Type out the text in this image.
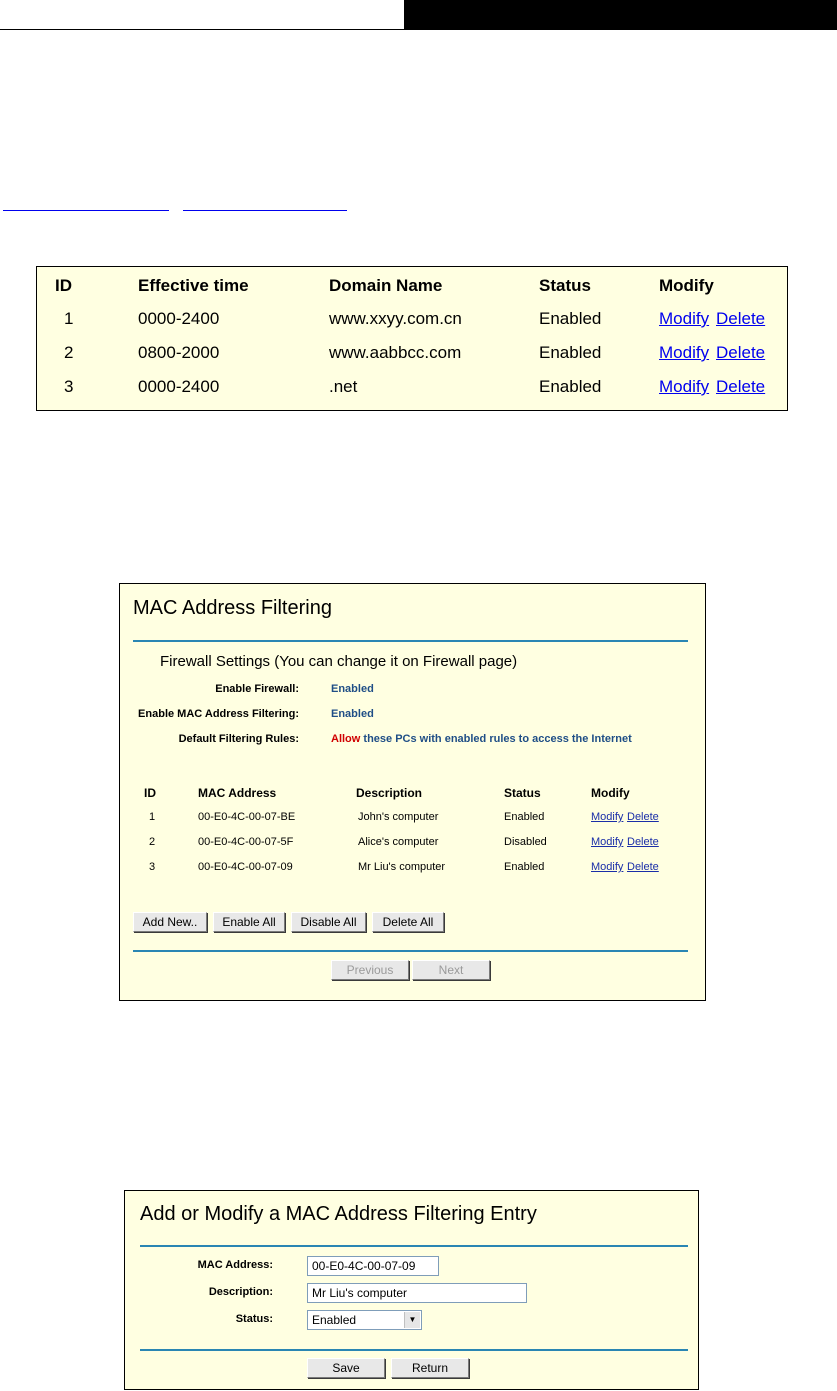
ID	Effective time	Domain Name	Status	Modify
1	0000-2400	www.xxyy.com.cn	Enabled	Modify Delete
2	0800-2000	www.aabbcc.com	Enabled	Modify Delete
3	0000-2400	.net	Enabled	Modify Delete
MAC Address Filtering
Firewall Settings (You can change it on Firewall page)
Enable Firewall:	Enabled
Enable MAC Address Filtering:	Enabled
Default Filtering Rules:	Allow these PCs with enabled rules to access the Internet
ID	MAC Address	Description	Status	Modify
1	00-E0-4C-00-07-BE	John's computer	Enabled	Modify Delete
2	00-E0-4C-00-07-5F	Alice's computer	Disabled	Modify Delete
3	00-E0-4C-00-07-09	Mr Liu's computer	Enabled	Modify Delete
Add New..	Enable All	Disable All	Delete All
Previous	Next
Add or Modify a MAC Address Filtering Entry
MAC Address:	00-E0-4C-00-07-09
Description:	Mr Liu's computer
Status:	Enabled	▼
Save	Return
